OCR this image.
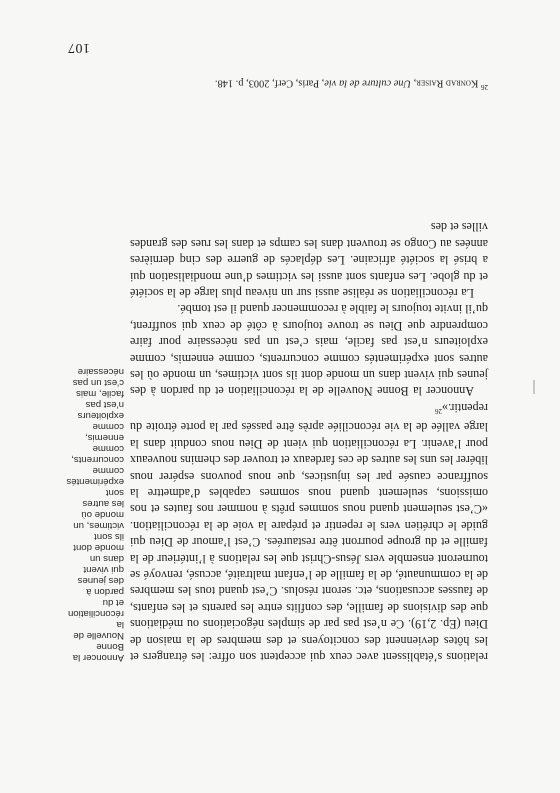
relations s’établissent avec ceux qui acceptent son offre: les étrangers et les hôtes deviennent des concitoyens et des membres de la maison de Dieu (Ep. 2,19). Ce n’est pas par de simples négociations ou médiations que des divisions de famille, des conflits entre les parents et les enfants, de fausses accusations, etc. seront résolus. C’est quand tous les membres de la communauté, de la famille de l’enfant maltraité, accusé, renvoyé se tourneront ensemble vers Jésus-Christ que les relations à l’intérieur de la famille et du groupe pourront être restaurées. C’est l’amour de Dieu qui guide le chrétien vers le repentir et prépare la voie de la réconciliation. «C’est seulement quand nous sommes prêts à nommer nos fautes et nos omissions, seulement quand nous sommes capables d’admettre la souffrance causée par les injustices, que nous pouvons espérer nous libérer les uns les autres de ces fardeaux et trouver des chemins nouveaux pour l’avenir. La réconciliation qui vient de Dieu nous conduit dans la large vallée de la vie réconciliée après être passés par la porte étroite du repentir.»$^{26}$

Annoncer la Bonne Nouvelle de la réconciliation et du pardon à des jeunes qui vivent dans un monde dont ils sont victimes, un monde où les autres sont expérimentés comme concurrents, comme ennemis, comme exploiteurs n’est pas facile, mais c’est un pas nécessaire pour faire comprendre que Dieu se trouve toujours à côté de ceux qui souffrent, qu’il invite toujours le faible à recommencer quand il est tombé.

La réconciliation se réalise aussi sur un niveau plus large de la société et du globe. Les enfants sont aussi les victimes d’une mondialisation qui a brisé la société africaine. Les déplacés de guerre des cinq dernières années au Congo se trouvent dans les camps et dans les rues des grandes villes et des

Annoncer la Bonne Nouvelle de la réconciliation et du pardon à des jeunes qui vivent dans un monde dont ils sont victimes, un monde où les autres sont expérimentés comme concurrents, comme ennemis, comme exploiteurs n’est pas facile, mais c’est un pas nécessaire
$^{26}$ Konrad Raiser, Une culture de la vie, Paris, Cerf, 2003, p. 148.
107
